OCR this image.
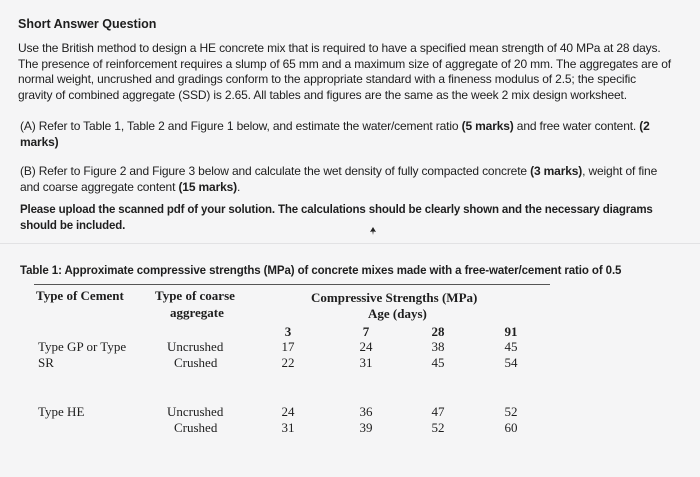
Short Answer Question
Use the British method to design a HE concrete mix that is required to have a specified mean strength of 40 MPa at 28 days.
The presence of reinforcement requires a slump of 65 mm and a maximum size of aggregate of 20 mm. The aggregates are of
normal weight, uncrushed and gradings conform to the appropriate standard with a fineness modulus of 2.5; the specific
gravity of combined aggregate (SSD) is 2.65. All tables and figures are the same as the week 2 mix design worksheet.
(A) Refer to Table 1, Table 2 and Figure 1 below, and estimate the water/cement ratio (5 marks) and free water content. (2
marks)
(B) Refer to Figure 2 and Figure 3 below and calculate the wet density of fully compacted concrete (3 marks), weight of fine
and coarse aggregate content (15 marks).
Please upload the scanned pdf of your solution. The calculations should be clearly shown and the necessary diagrams
should be included.
Table 1: Approximate compressive strengths (MPa) of concrete mixes made with a free-water/cement ratio of 0.5
Type of Cement Type of coarse
aggregate
Compressive Strengths (MPa)
Age (days)
3	7	28	91
Type GP or Type
SR
Uncrushed	17	24	38	45
Crushed	22	31	45	54
Type HE	Uncrushed	24	36	47	52
Crushed	31	39	52	60
